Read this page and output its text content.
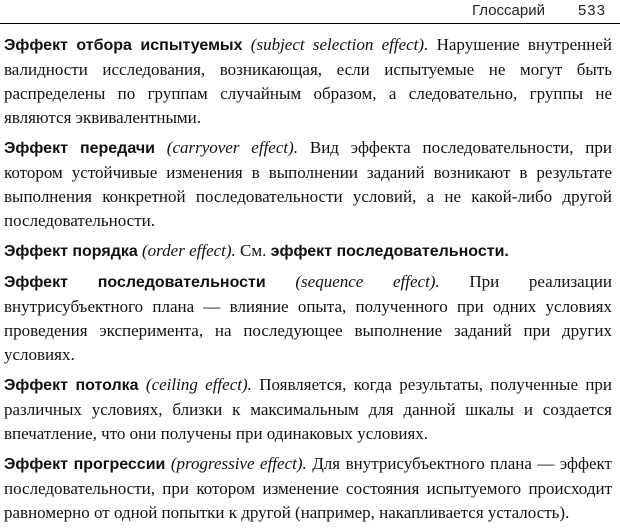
Глоссарий 533

Эффект отбора испытуемых (subject selection effect). Нарушение внутренней валидности исследования, возникающая, если испытуемые не могут быть распределены по группам случайным образом, а следовательно, группы не являются эквивалентными.

Эффект передачи (carryover effect). Вид эффекта последовательности, при котором устойчивые изменения в выполнении заданий возникают в результате выполнения конкретной последовательности условий, а не какой-либо другой последовательности.

Эффект порядка (order effect). См. эффект последовательности.

Эффект последовательности (sequence effect). При реализации внутрисубъектного плана — влияние опыта, полученного при одних условиях проведения эксперимента, на последующее выполнение заданий при других условиях.

Эффект потолка (ceiling effect). Появляется, когда результаты, полученные при различных условиях, близки к максимальным для данной шкалы и создается впечатление, что они получены при одинаковых условиях.

Эффект прогрессии (progressive effect). Для внутрисубъектного плана — эффект последовательности, при котором изменение состояния испытуемого происходит равномерно от одной попытки к другой (например, накапливается усталость).
